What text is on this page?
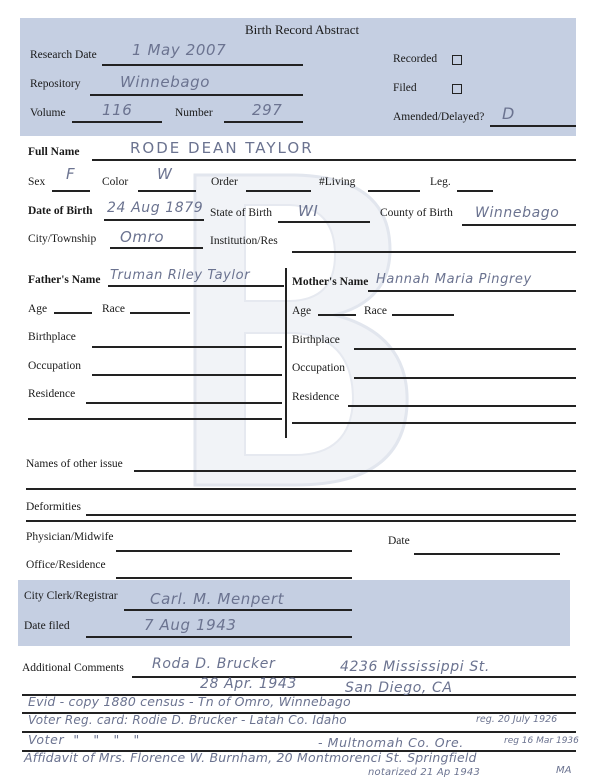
Birth Record Abstract
Research Date 1 May 2007
Repository	Winnebago
Volume 116	Number	297
Recorded
Filed
Amended/Delayed? D
Full Name	RODE DEAN TAYLOR
Sex F Color W	Order	#Living	Leg.
Date of Birth 24 Aug 1879 State of Birth WI	County of Birth Winnebago
City/Township Omro	Institution/Res
Father's Name Truman Riley Taylor
Age	Race
Birthplace
Occupation
Residence
Mother's Name Hannah Maria Pingrey
Age	Race
Birthplace
Occupation
Residence
Names of other issue
Deformities
Physician/Midwife	Date
Office/Residence
City Clerk/Registrar Carl. M. Menpert
Date filed	7 Aug 1943
Additional Comments Roda D. Brucker	4236 Mississippi St.
28 Apr. 1943	San Diego, CA
Evid - copy 1880 census - Tn of Omro, Winnebago
Voter Reg. card: Rodie D. Brucker - Latah Co. Idaho	reg. 20 July 1926
Voter  "   "   "   "	- Multnomah Co. Ore.	reg 16 Mar 1936
Affidavit of Mrs. Florence W. Burnham, 20 Montmorenci St. Springfield
notarized 21 Ap 1943	MA
